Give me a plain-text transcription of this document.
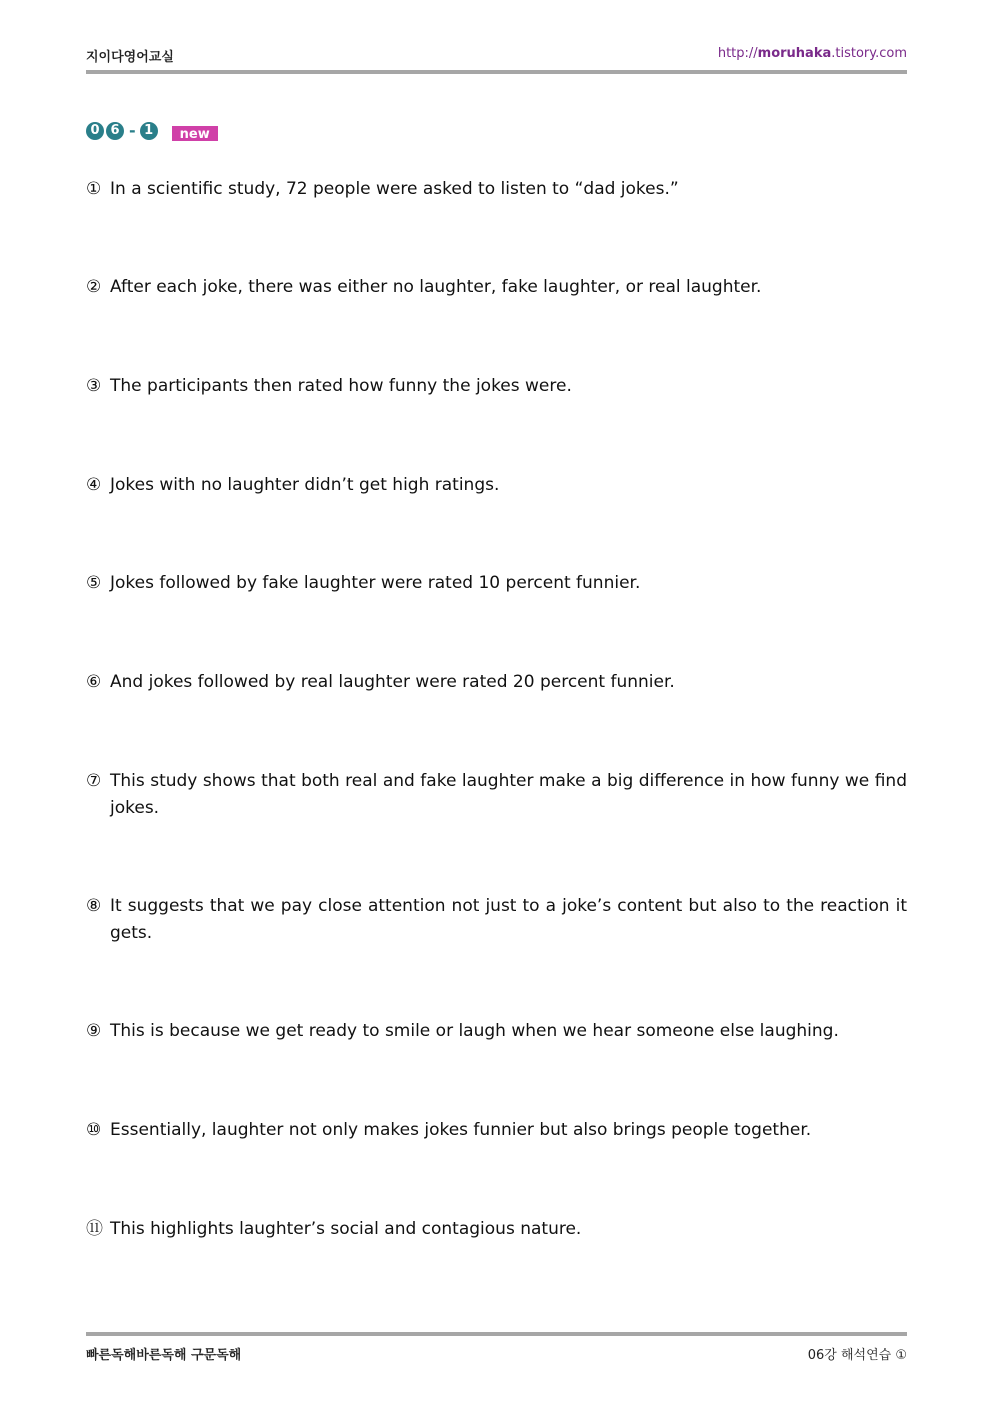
지이다영어교실	http://moruhaka.tistory.com
0 6 - 1	new
① In a scientific study, 72 people were asked to listen to “dad jokes.”
② After each joke, there was either no laughter, fake laughter, or real laughter.
③ The participants then rated how funny the jokes were.
④ Jokes with no laughter didn’t get high ratings.
⑤ Jokes followed by fake laughter were rated 10 percent funnier.
⑥ And jokes followed by real laughter were rated 20 percent funnier.
⑦ This study shows that both real and fake laughter make a big difference in how funny we find jokes.
⑧ It suggests that we pay close attention not just to a joke’s content but also to the reaction it gets.
⑨ This is because we get ready to smile or laugh when we hear someone else laughing.
⑩ Essentially, laughter not only makes jokes funnier but also brings people together.
⑪ This highlights laughter’s social and contagious nature.
빠른독해바른독해 구문독해	06강 해석연습 ①
